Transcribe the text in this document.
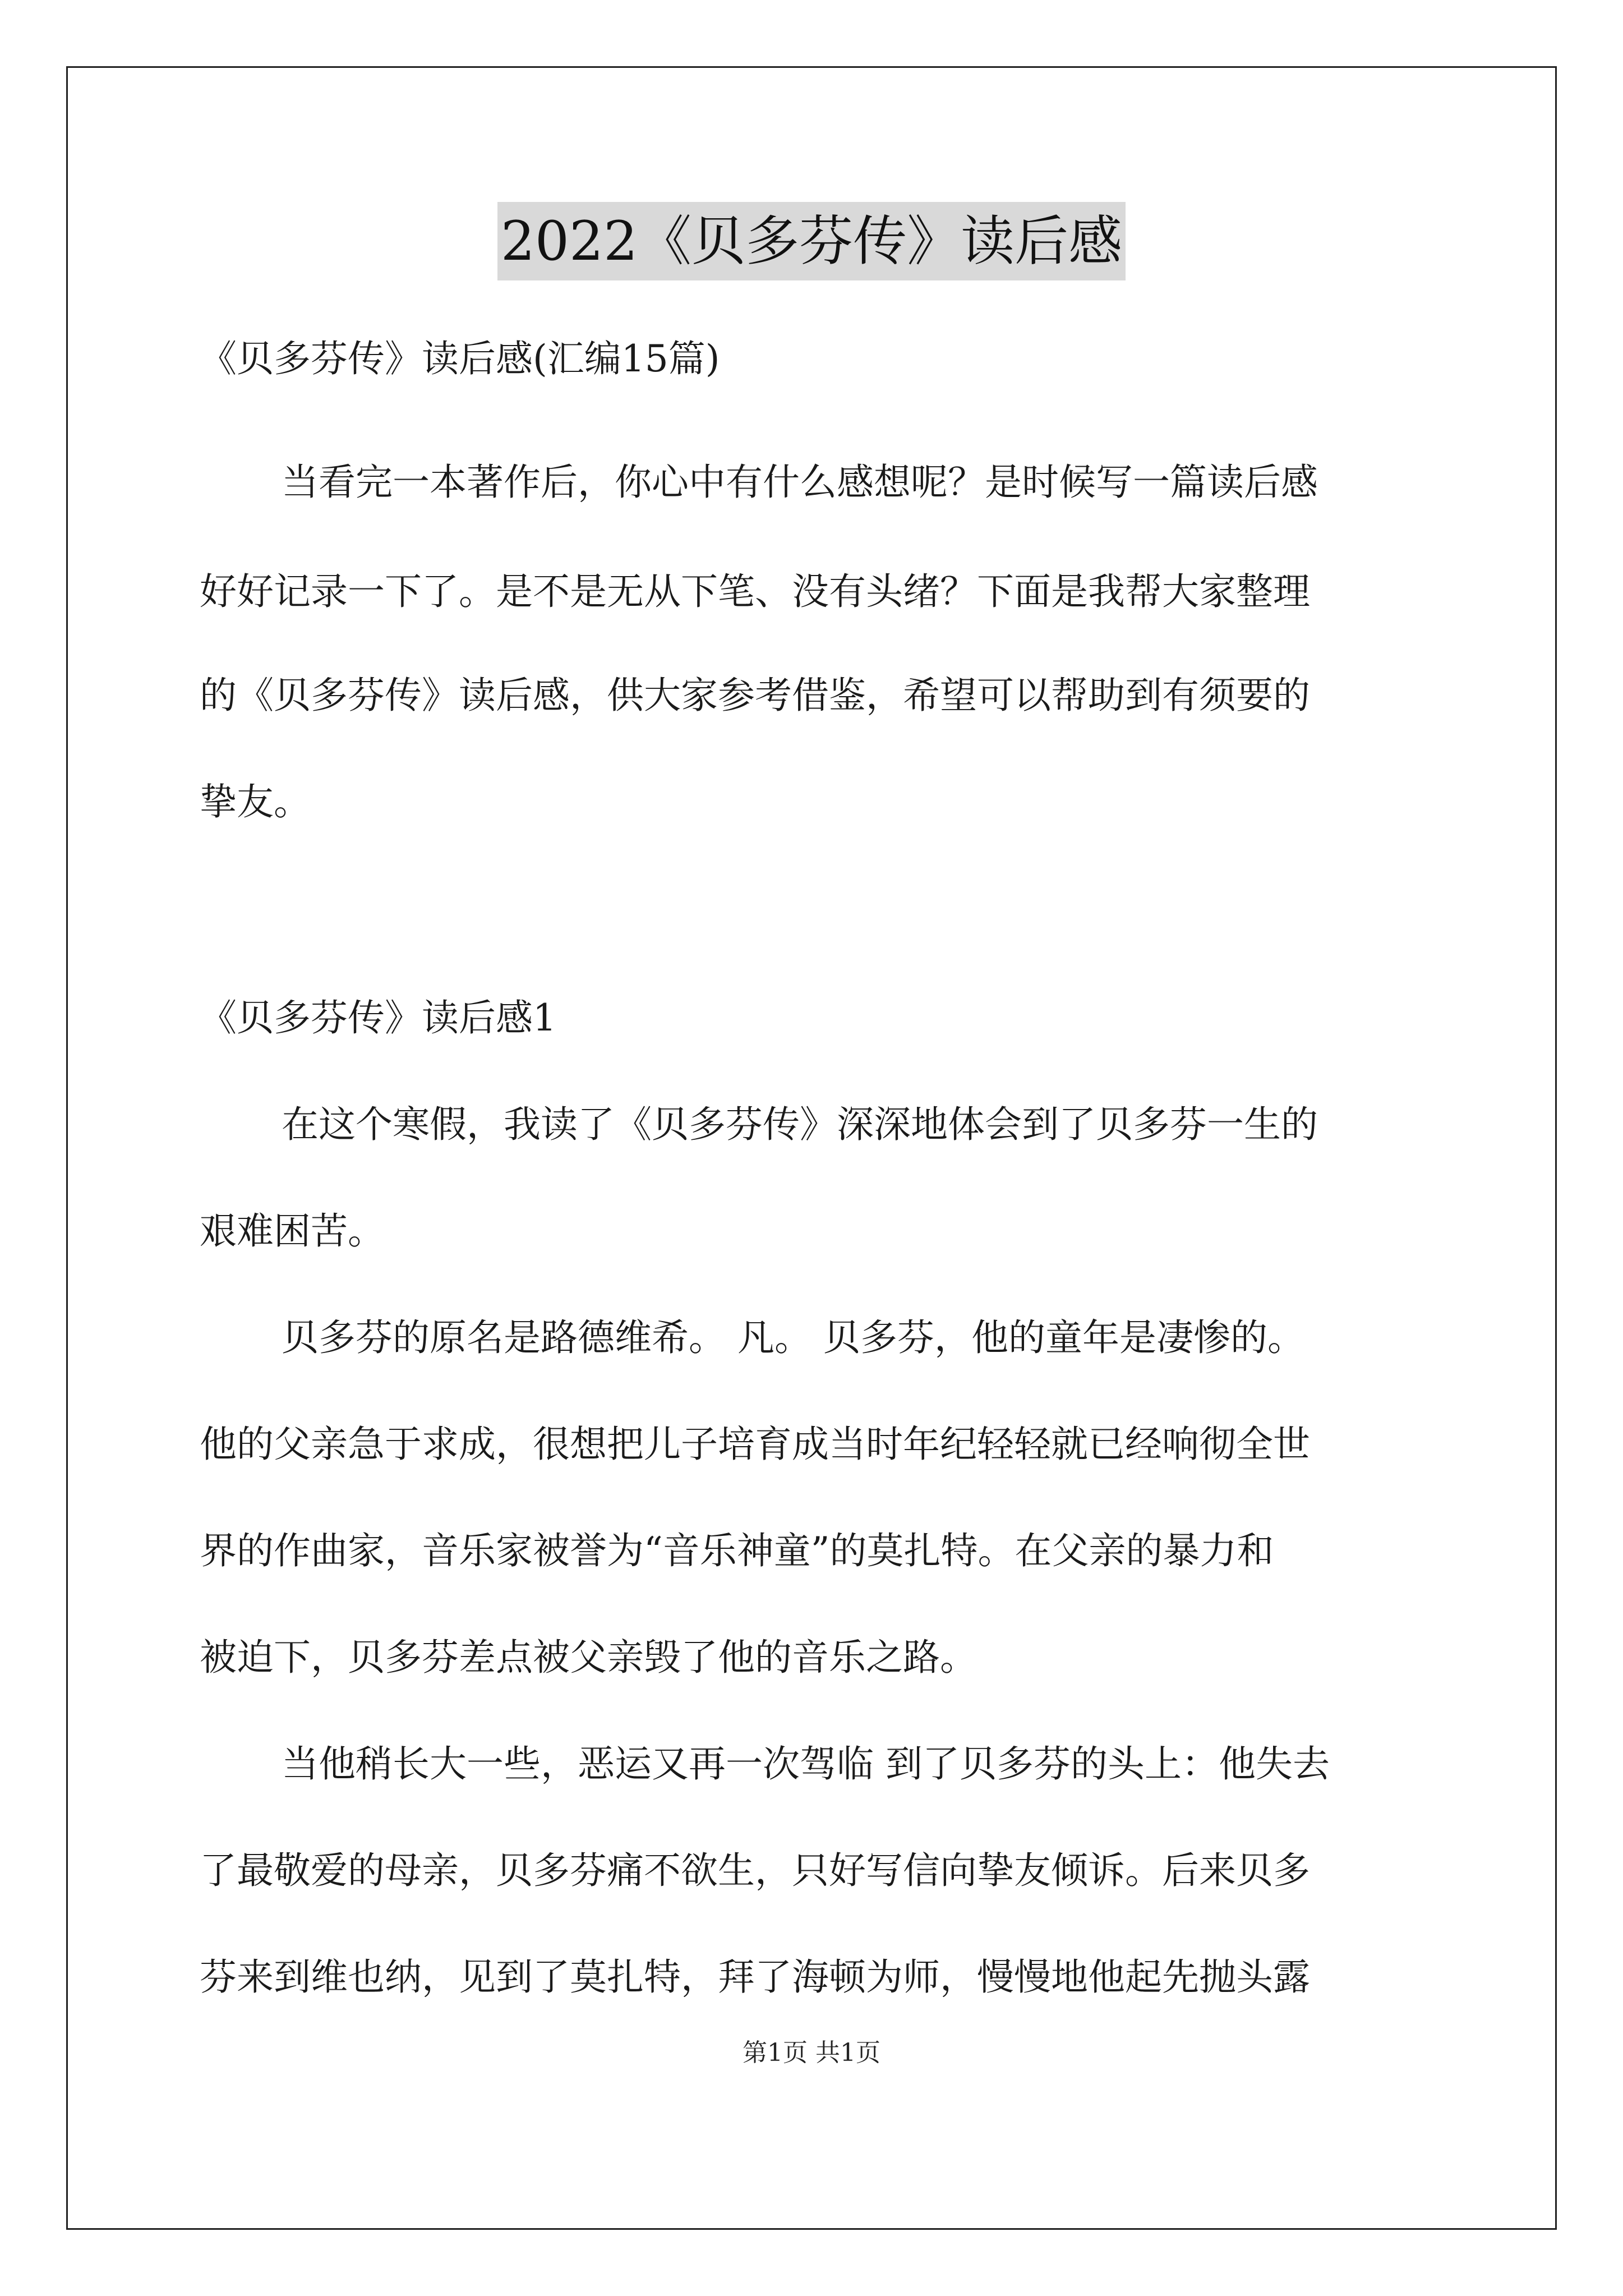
2022《贝多芬传》读后感
《贝多芬传》读后感(汇编15篇)
当看完一本著作后，你心中有什么感想呢？是时候写一篇读后感
好好记录一下了。是不是无从下笔、没有头绪？下面是我帮大家整理
的《贝多芬传》读后感，供大家参考借鉴，希望可以帮助到有须要的
挚友。
《贝多芬传》读后感1
在这个寒假，我读了《贝多芬传》深深地体会到了贝多芬一生的
艰难困苦。
贝多芬的原名是路德维希。 凡。 贝多芬，他的童年是凄惨的。
他的父亲急于求成，很想把儿子培育成当时年纪轻轻就已经响彻全世
界的作曲家，音乐家被誉为“音乐神童”的莫扎特。在父亲的暴力和
被迫下，贝多芬差点被父亲毁了他的音乐之路。
当他稍长大一些，恶运又再一次驾临 到了贝多芬的头上：他失去
了最敬爱的母亲，贝多芬痛不欲生，只好写信向挚友倾诉。后来贝多
芬来到维也纳，见到了莫扎特，拜了海顿为师，慢慢地他起先抛头露
第1页 共1页
